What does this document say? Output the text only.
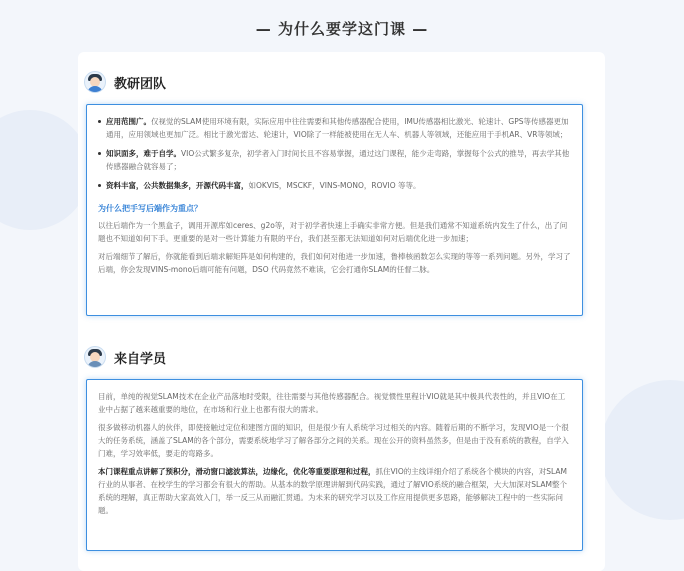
— 为什么要学这门课 —
教研团队
应用范围广。仅视觉的SLAM使用环境有限，实际应用中往往需要和其他传感器配合使用，IMU传感器相比激光、轮速计、GPS等传感器更加通用，应用领域也更加广泛。相比于激光雷达、轮速计，VIO除了一样能被使用在无人车、机器人等领域，还能应用于手机AR、VR等领域；
知识面多，难于自学。VIO公式繁多复杂，初学者入门时间长且不容易掌握，通过这门课程，能少走弯路，掌握每个公式的推导，再去学其他传感器融合就容易了；
资料丰富，公共数据集多，开源代码丰富，如OKVIS，MSCKF，VINS-MONO，ROVIO 等等。
为什么把手写后端作为重点？

以往后端作为一个黑盒子，调用开源库如ceres、g2o等，对于初学者快速上手确实非常方便。但是我们通常不知道系统内发生了什么，出了问题也不知道如何下手。更重要的是对一些计算能力有限的平台，我们甚至都无法知道如何对后端优化进一步加速；

对后端细节了解后，你就能看到后端求解矩阵是如何构建的，我们如何对他进一步加速，鲁棒核函数怎么实现的等等一系列问题。另外，学习了后端，你会发现VINS-mono后端可能有问题，DSO 代码竟然不难读，它会打通你SLAM的任督二脉。

来自学员

目前，单纯的视觉SLAM技术在企业产品落地时受限，往往需要与其他传感器配合。视觉惯性里程计VIO就是其中极具代表性的，并且VIO在工业中占据了越来越重要的地位，在市场和行业上也都有很大的需求。

很多做移动机器人的伙伴，即使接触过定位和建图方面的知识，但是很少有人系统学习过相关的内容。随着后期的不断学习，发现VIO是一个很大的任务系统，涵盖了SLAM的各个部分，需要系统地学习了解各部分之间的关系。现在公开的资料虽然多，但是由于没有系统的教程，自学入门难，学习效率低，要走的弯路多。

本门课程重点讲解了预积分，滑动窗口滤波算法，边缘化，优化等重要原理和过程，抓住VIO的主线详细介绍了系统各个模块的内容，对SLAM行业的从事者、在校学生的学习都会有很大的帮助。从基本的数学原理讲解到代码实践，通过了解VIO系统的融合框架，大大加深对SLAM整个系统的理解，真正帮助大家高效入门，举一反三从而融汇贯通。为未来的研究学习以及工作应用提供更多思路，能够解决工程中的一些实际问题。
